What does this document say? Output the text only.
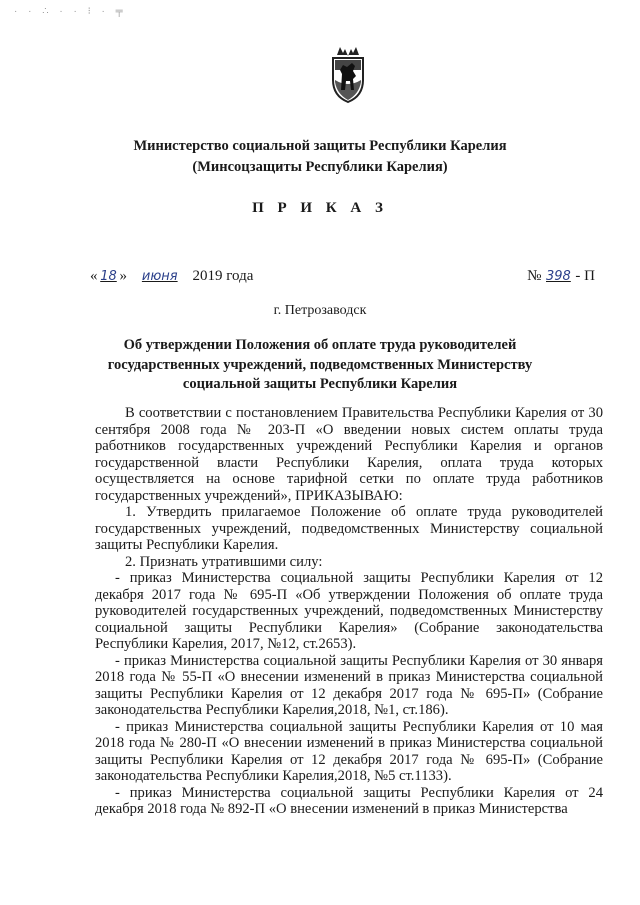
· · ∴ · · ⁝ · ╤
Министерство социальной защиты Республики Карелия
(Минсоцзащиты Республики Карелия)
П Р И К А З
« 18 » июня 2019 года	№ 398 - П
г. Петрозаводск
Об утверждении Положения об оплате труда руководителей
государственных учреждений, подведомственных Министерству
социальной защиты Республики Карелия

В соответствии с постановлением Правительства Республики Карелия от 30 сентября 2008 года № 203-П «О введении новых систем оплаты труда работников государственных учреждений Республики Карелия и органов государственной власти Республики Карелия, оплата труда которых осуществляется на основе тарифной сетки по оплате труда работников государственных учреждений», ПРИКАЗЫВАЮ:

1. Утвердить прилагаемое Положение об оплате труда руководителей государственных учреждений, подведомственных Министерству социальной защиты Республики Карелия.

2. Признать утратившими силу:

- приказ Министерства социальной защиты Республики Карелия от 12 декабря 2017 года № 695-П «Об утверждении Положения об оплате труда руководителей государственных учреждений, подведомственных Министерству социальной защиты Республики Карелия» (Собрание законодательства Республики Карелия, 2017, №12, ст.2653).

- приказ Министерства социальной защиты Республики Карелия от 30 января 2018 года № 55-П «О внесении изменений в приказ Министерства социальной защиты Республики Карелия от 12 декабря 2017 года № 695-П» (Собрание законодательства Республики Карелия,2018, №1, ст.186).

- приказ Министерства социальной защиты Республики Карелия от 10 мая 2018 года № 280-П «О внесении изменений в приказ Министерства социальной защиты Республики Карелия от 12 декабря 2017 года № 695-П» (Собрание законодательства Республики Карелия,2018, №5 ст.1133).

- приказ Министерства социальной защиты Республики Карелия от 24 декабря 2018 года № 892-П «О внесении изменений в приказ Министерства
